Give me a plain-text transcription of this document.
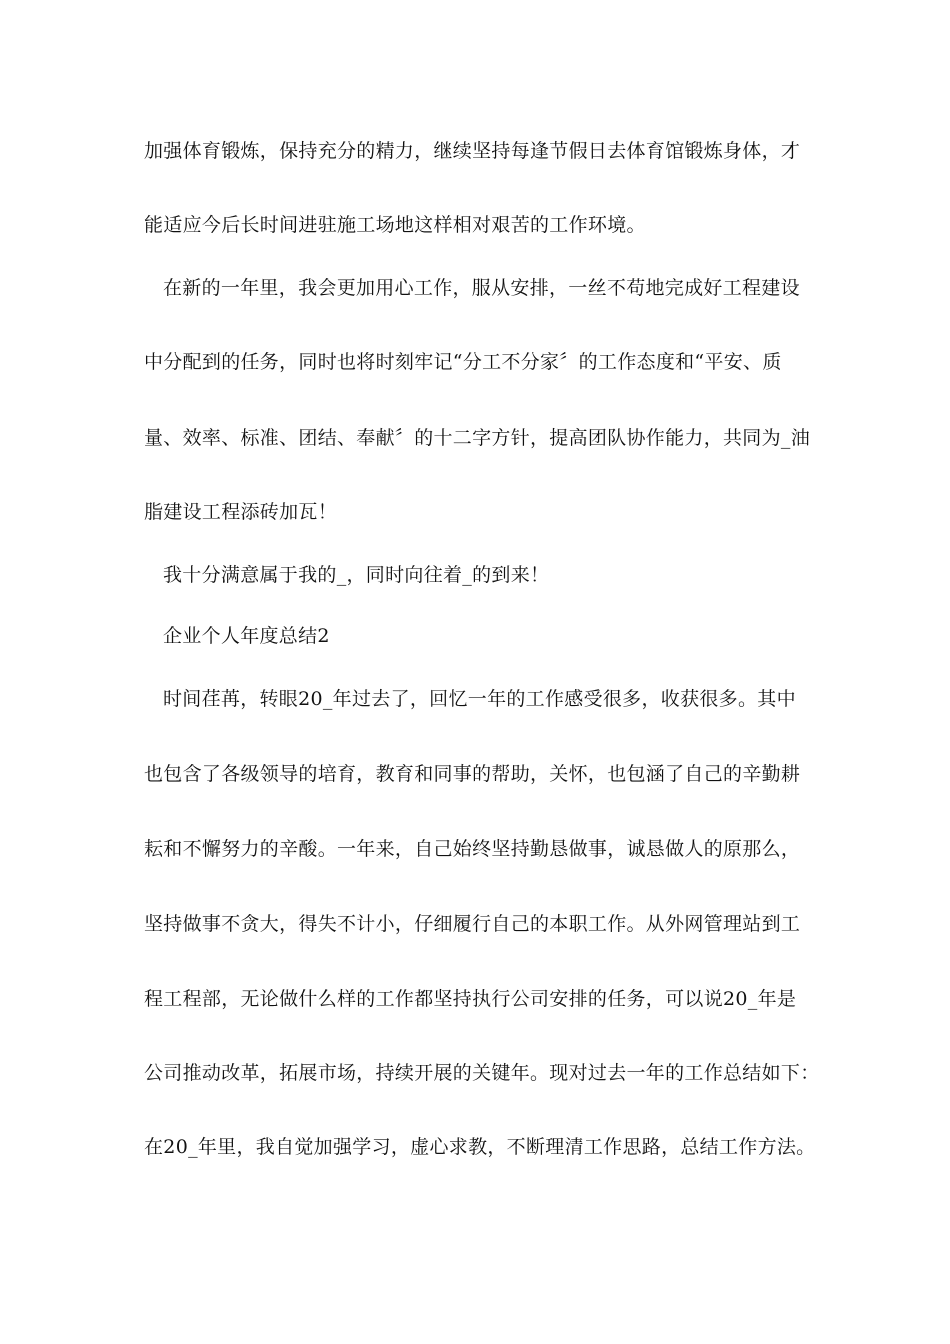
加强体育锻炼，保持充分的精力，继续坚持每逢节假日去体育馆锻炼身体，才
能适应今后长时间进驻施工场地这样相对艰苦的工作环境。
在新的一年里，我会更加用心工作，服从安排，一丝不苟地完成好工程建设
中分配到的任务，同时也将时刻牢记“分工不分家〞的工作态度和“平安、质
量、效率、标准、团结、奉献〞的十二字方针，提高团队协作能力，共同为_油
脂建设工程添砖加瓦！
我十分满意属于我的_，同时向往着_的到来！
企业个人年度总结2
时间荏苒，转眼20_年过去了，回忆一年的工作感受很多，收获很多。其中
也包含了各级领导的培育，教育和同事的帮助，关怀，也包涵了自己的辛勤耕
耘和不懈努力的辛酸。一年来，自己始终坚持勤恳做事，诚恳做人的原那么，
坚持做事不贪大，得失不计小，仔细履行自己的本职工作。从外网管理站到工
程工程部，无论做什么样的工作都坚持执行公司安排的任务，可以说20_年是
公司推动改革，拓展市场，持续开展的关键年。现对过去一年的工作总结如下：
在20_年里，我自觉加强学习，虚心求教，不断理清工作思路，总结工作方法。
